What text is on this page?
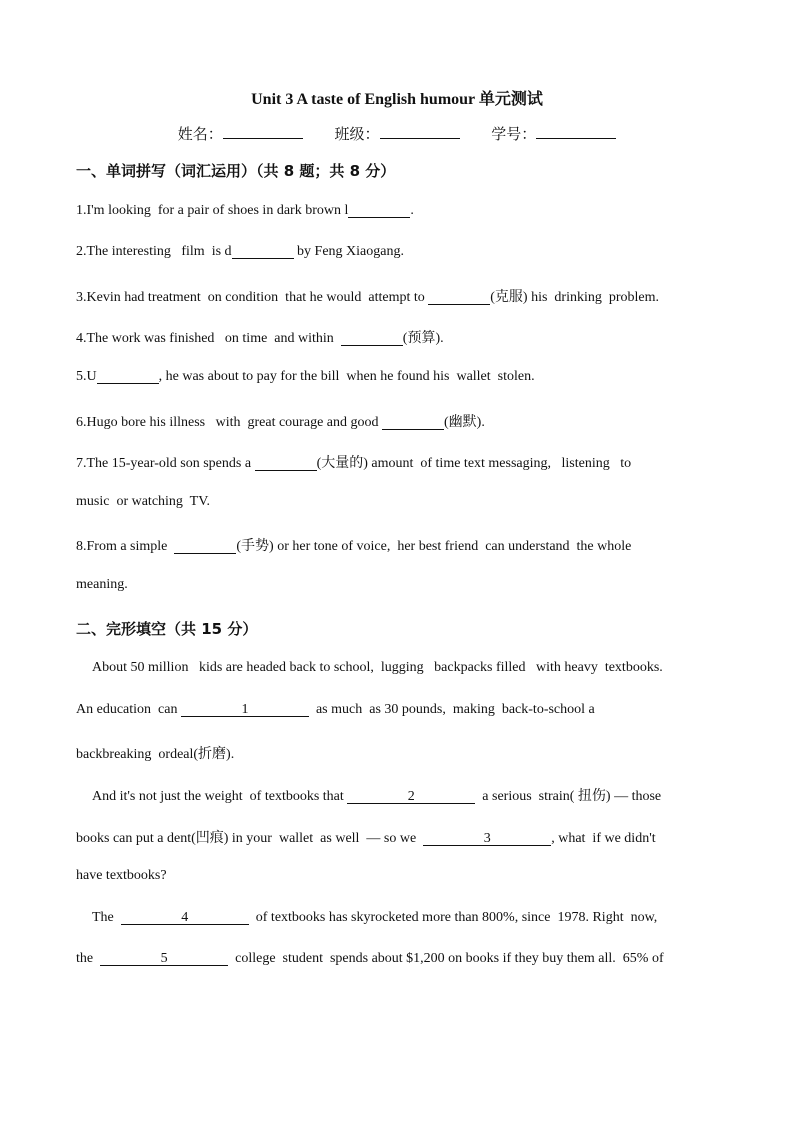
Unit 3 A taste of English humour 单元测试
姓名：	班级：	学号：
一、单词拼写（词汇运用）（共 8 题；共 8 分）
1.I'm looking  for a pair of shoes in dark brown l	.
2.The interesting   film  is d	by Feng Xiaogang.
3.Kevin had treatment  on condition  that he would  attempt to	(克服) his  drinking  problem.
4.The work was finished   on time  and within	(预算).
5.U	, he was about to pay for the bill  when he found his  wallet  stolen.
6.Hugo bore his illness   with  great courage and good	(幽默).
7.The 15-year-old son spends a	(大量的) amount  of time text messaging,   listening   to
music  or watching  TV.
8.From a simple	(手势) or her tone of voice,  her best friend  can understand  the whole
meaning.
二、完形填空（共 15 分）
About 50 million   kids are headed back to school,  lugging   backpacks filled   with heavy  textbooks.
An education  can	1	as much  as 30 pounds,  making  back-to-school a
backbreaking  ordeal(折磨).
And it's not just the weight  of textbooks that	2	a serious  strain( 扭伤) — those
books can put a dent(凹痕) in your  wallet  as well  — so we	3	, what  if we didn't
have textbooks?
The	4	of textbooks has skyrocketed more than 800%, since  1978. Right  now,
the	5	college  student  spends about $1,200 on books if they buy them all.  65% of
